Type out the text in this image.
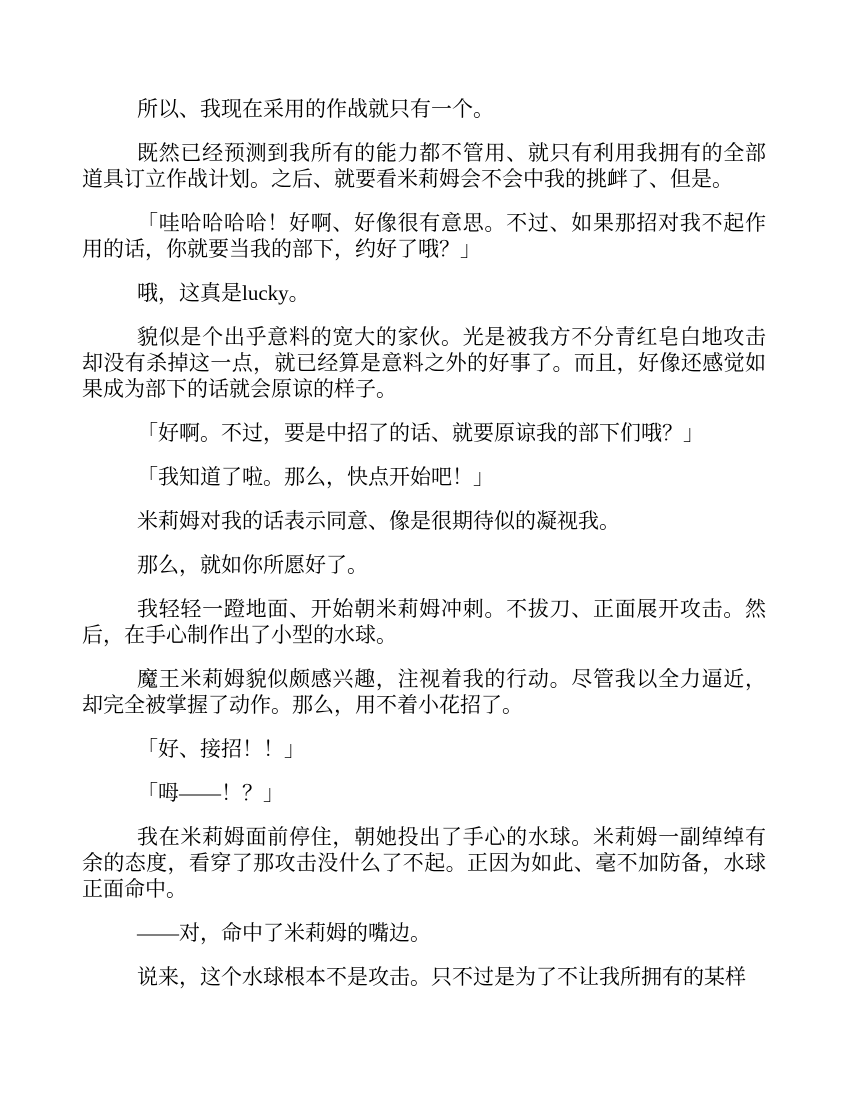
所以、我现在采用的作战就只有一个。

既然已经预测到我所有的能力都不管用、就只有利用我拥有的全部道具订立作战计划。之后、就要看米莉姆会不会中我的挑衅了、但是。

「哇哈哈哈哈！好啊、好像很有意思。不过、如果那招对我不起作用的话，你就要当我的部下，约好了哦？」

哦，这真是lucky。

貌似是个出乎意料的宽大的家伙。光是被我方不分青红皂白地攻击却没有杀掉这一点，就已经算是意料之外的好事了。而且，好像还感觉如果成为部下的话就会原谅的样子。

「好啊。不过，要是中招了的话、就要原谅我的部下们哦？」

「我知道了啦。那么，快点开始吧！」

米莉姆对我的话表示同意、像是很期待似的凝视我。

那么，就如你所愿好了。

我轻轻一蹬地面、开始朝米莉姆冲刺。不拔刀、正面展开攻击。然后，在手心制作出了小型的水球。

魔王米莉姆貌似颇感兴趣，注视着我的行动。尽管我以全力逼近，却完全被掌握了动作。那么，用不着小花招了。

「好、接招！！」

「呣——！？」

我在米莉姆面前停住，朝她投出了手心的水球。米莉姆一副绰绰有余的态度，看穿了那攻击没什么了不起。正因为如此、毫不加防备，水球正面命中。

——对，命中了米莉姆的嘴边。

说来，这个水球根本不是攻击。只不过是为了不让我所拥有的某样
